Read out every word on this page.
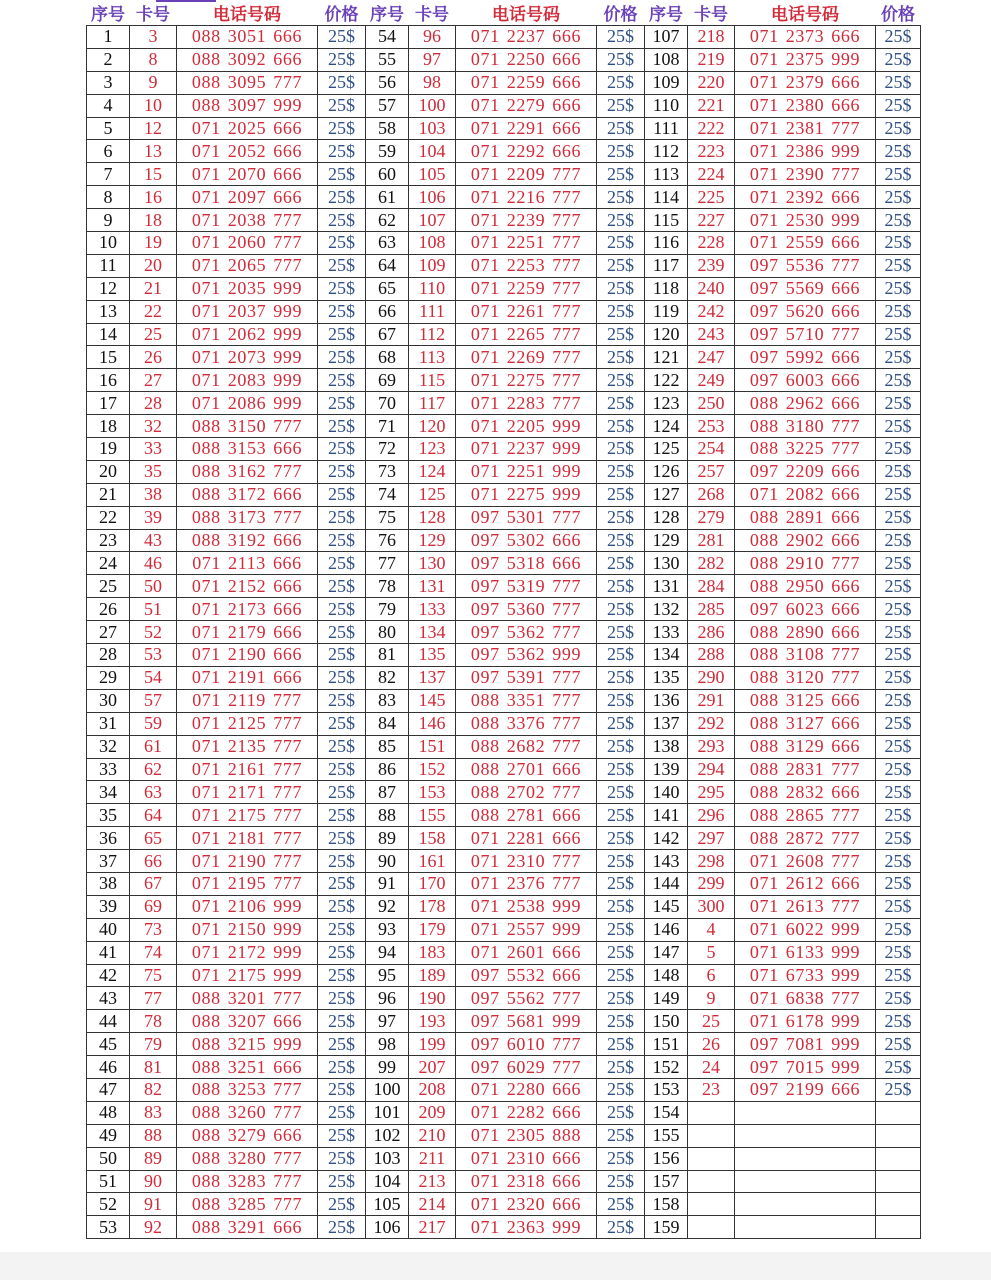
序号	卡号	电话号码	价格	序号	卡号	电话号码	价格	序号	卡号	电话号码	价格
1	3	088 3051 666	25$	54	96	071 2237 666	25$	107	218	071 2373 666	25$
2	8	088 3092 666	25$	55	97	071 2250 666	25$	108	219	071 2375 999	25$
3	9	088 3095 777	25$	56	98	071 2259 666	25$	109	220	071 2379 666	25$
4	10	088 3097 999	25$	57	100	071 2279 666	25$	110	221	071 2380 666	25$
5	12	071 2025 666	25$	58	103	071 2291 666	25$	111	222	071 2381 777	25$
6	13	071 2052 666	25$	59	104	071 2292 666	25$	112	223	071 2386 999	25$
7	15	071 2070 666	25$	60	105	071 2209 777	25$	113	224	071 2390 777	25$
8	16	071 2097 666	25$	61	106	071 2216 777	25$	114	225	071 2392 666	25$
9	18	071 2038 777	25$	62	107	071 2239 777	25$	115	227	071 2530 999	25$
10	19	071 2060 777	25$	63	108	071 2251 777	25$	116	228	071 2559 666	25$
11	20	071 2065 777	25$	64	109	071 2253 777	25$	117	239	097 5536 777	25$
12	21	071 2035 999	25$	65	110	071 2259 777	25$	118	240	097 5569 666	25$
13	22	071 2037 999	25$	66	111	071 2261 777	25$	119	242	097 5620 666	25$
14	25	071 2062 999	25$	67	112	071 2265 777	25$	120	243	097 5710 777	25$
15	26	071 2073 999	25$	68	113	071 2269 777	25$	121	247	097 5992 666	25$
16	27	071 2083 999	25$	69	115	071 2275 777	25$	122	249	097 6003 666	25$
17	28	071 2086 999	25$	70	117	071 2283 777	25$	123	250	088 2962 666	25$
18	32	088 3150 777	25$	71	120	071 2205 999	25$	124	253	088 3180 777	25$
19	33	088 3153 666	25$	72	123	071 2237 999	25$	125	254	088 3225 777	25$
20	35	088 3162 777	25$	73	124	071 2251 999	25$	126	257	097 2209 666	25$
21	38	088 3172 666	25$	74	125	071 2275 999	25$	127	268	071 2082 666	25$
22	39	088 3173 777	25$	75	128	097 5301 777	25$	128	279	088 2891 666	25$
23	43	088 3192 666	25$	76	129	097 5302 666	25$	129	281	088 2902 666	25$
24	46	071 2113 666	25$	77	130	097 5318 666	25$	130	282	088 2910 777	25$
25	50	071 2152 666	25$	78	131	097 5319 777	25$	131	284	088 2950 666	25$
26	51	071 2173 666	25$	79	133	097 5360 777	25$	132	285	097 6023 666	25$
27	52	071 2179 666	25$	80	134	097 5362 777	25$	133	286	088 2890 666	25$
28	53	071 2190 666	25$	81	135	097 5362 999	25$	134	288	088 3108 777	25$
29	54	071 2191 666	25$	82	137	097 5391 777	25$	135	290	088 3120 777	25$
30	57	071 2119 777	25$	83	145	088 3351 777	25$	136	291	088 3125 666	25$
31	59	071 2125 777	25$	84	146	088 3376 777	25$	137	292	088 3127 666	25$
32	61	071 2135 777	25$	85	151	088 2682 777	25$	138	293	088 3129 666	25$
33	62	071 2161 777	25$	86	152	088 2701 666	25$	139	294	088 2831 777	25$
34	63	071 2171 777	25$	87	153	088 2702 777	25$	140	295	088 2832 666	25$
35	64	071 2175 777	25$	88	155	088 2781 666	25$	141	296	088 2865 777	25$
36	65	071 2181 777	25$	89	158	071 2281 666	25$	142	297	088 2872 777	25$
37	66	071 2190 777	25$	90	161	071 2310 777	25$	143	298	071 2608 777	25$
38	67	071 2195 777	25$	91	170	071 2376 777	25$	144	299	071 2612 666	25$
39	69	071 2106 999	25$	92	178	071 2538 999	25$	145	300	071 2613 777	25$
40	73	071 2150 999	25$	93	179	071 2557 999	25$	146	4	071 6022 999	25$
41	74	071 2172 999	25$	94	183	071 2601 666	25$	147	5	071 6133 999	25$
42	75	071 2175 999	25$	95	189	097 5532 666	25$	148	6	071 6733 999	25$
43	77	088 3201 777	25$	96	190	097 5562 777	25$	149	9	071 6838 777	25$
44	78	088 3207 666	25$	97	193	097 5681 999	25$	150	25	071 6178 999	25$
45	79	088 3215 999	25$	98	199	097 6010 777	25$	151	26	097 7081 999	25$
46	81	088 3251 666	25$	99	207	097 6029 777	25$	152	24	097 7015 999	25$
47	82	088 3253 777	25$	100	208	071 2280 666	25$	153	23	097 2199 666	25$
48	83	088 3260 777	25$	101	209	071 2282 666	25$	154			
49	88	088 3279 666	25$	102	210	071 2305 888	25$	155			
50	89	088 3280 777	25$	103	211	071 2310 666	25$	156			
51	90	088 3283 777	25$	104	213	071 2318 666	25$	157			
52	91	088 3285 777	25$	105	214	071 2320 666	25$	158			
53	92	088 3291 666	25$	106	217	071 2363 999	25$	159			
